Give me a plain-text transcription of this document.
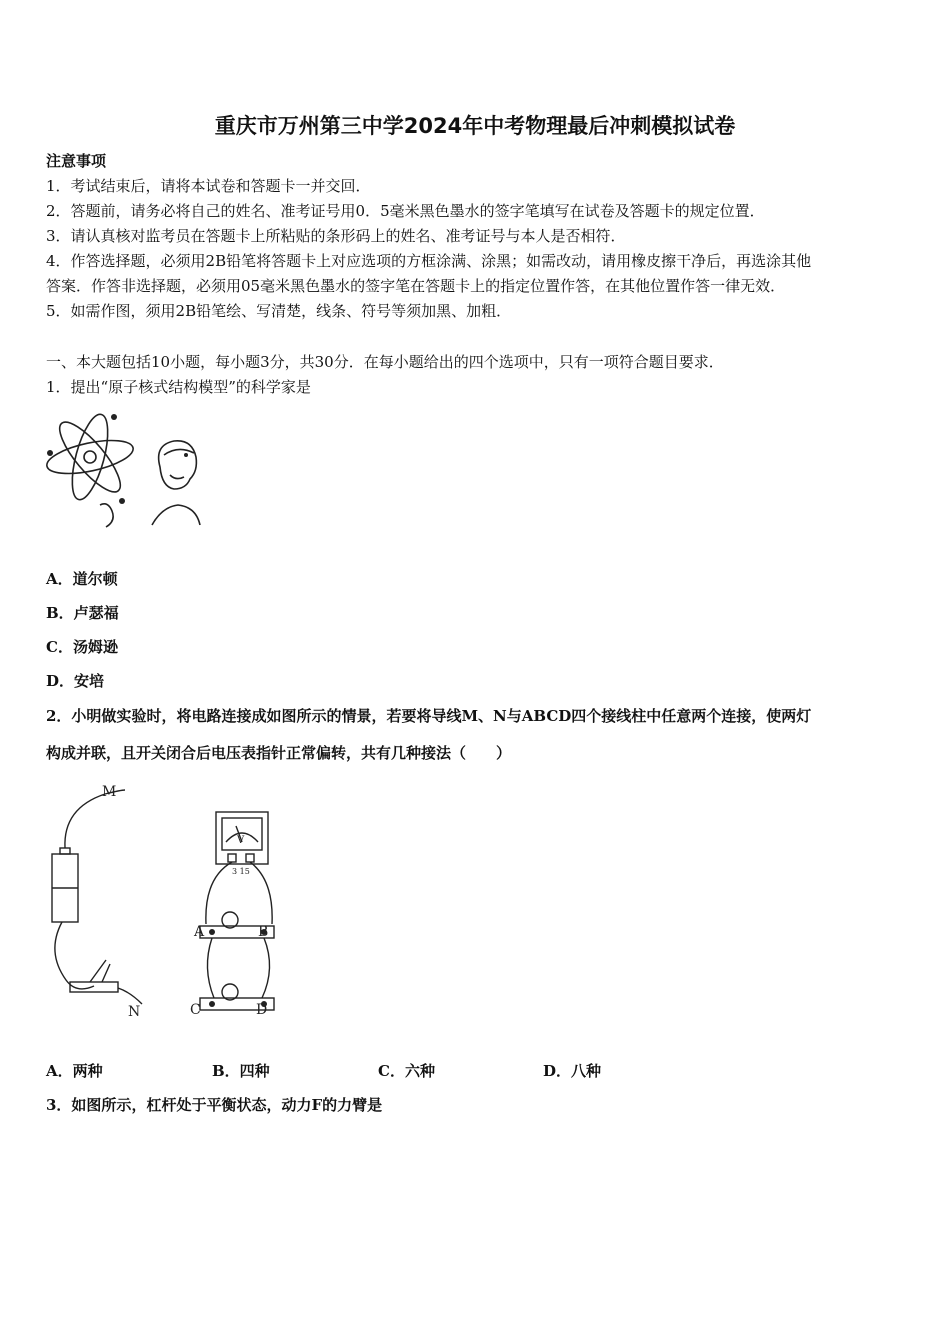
重庆市万州第三中学2024年中考物理最后冲刺模拟试卷
注意事项
1．考试结束后，请将本试卷和答题卡一并交回．
2．答题前，请务必将自己的姓名、准考证号用0．5毫米黑色墨水的签字笔填写在试卷及答题卡的规定位置．
3．请认真核对监考员在答题卡上所粘贴的条形码上的姓名、准考证号与本人是否相符．
4．作答选择题，必须用2B铅笔将答题卡上对应选项的方框涂满、涂黑；如需改动，请用橡皮擦干净后，再选涂其他
答案．作答非选择题，必须用05毫米黑色墨水的签字笔在答题卡上的指定位置作答，在其他位置作答一律无效．
5．如需作图，须用2B铅笔绘、写清楚，线条、符号等须加黑、加粗．
一、本大题包括10小题，每小题3分，共30分．在每小题给出的四个选项中，只有一项符合题目要求．
1．提出“原子核式结构模型”的科学家是
A．道尔顿
B．卢瑟福
C．汤姆逊
D．安培
2．小明做实验时，将电路连接成如图所示的情景，若要将导线M、N与ABCD四个接线柱中任意两个连接，使两灯
构成并联，且开关闭合后电压表指针正常偏转，共有几种接法（　　）
M
N
A	B
C	D
V
3 15
A．两种	B．四种	C．六种	D．八种
3．如图所示，杠杆处于平衡状态，动力F的力臂是
